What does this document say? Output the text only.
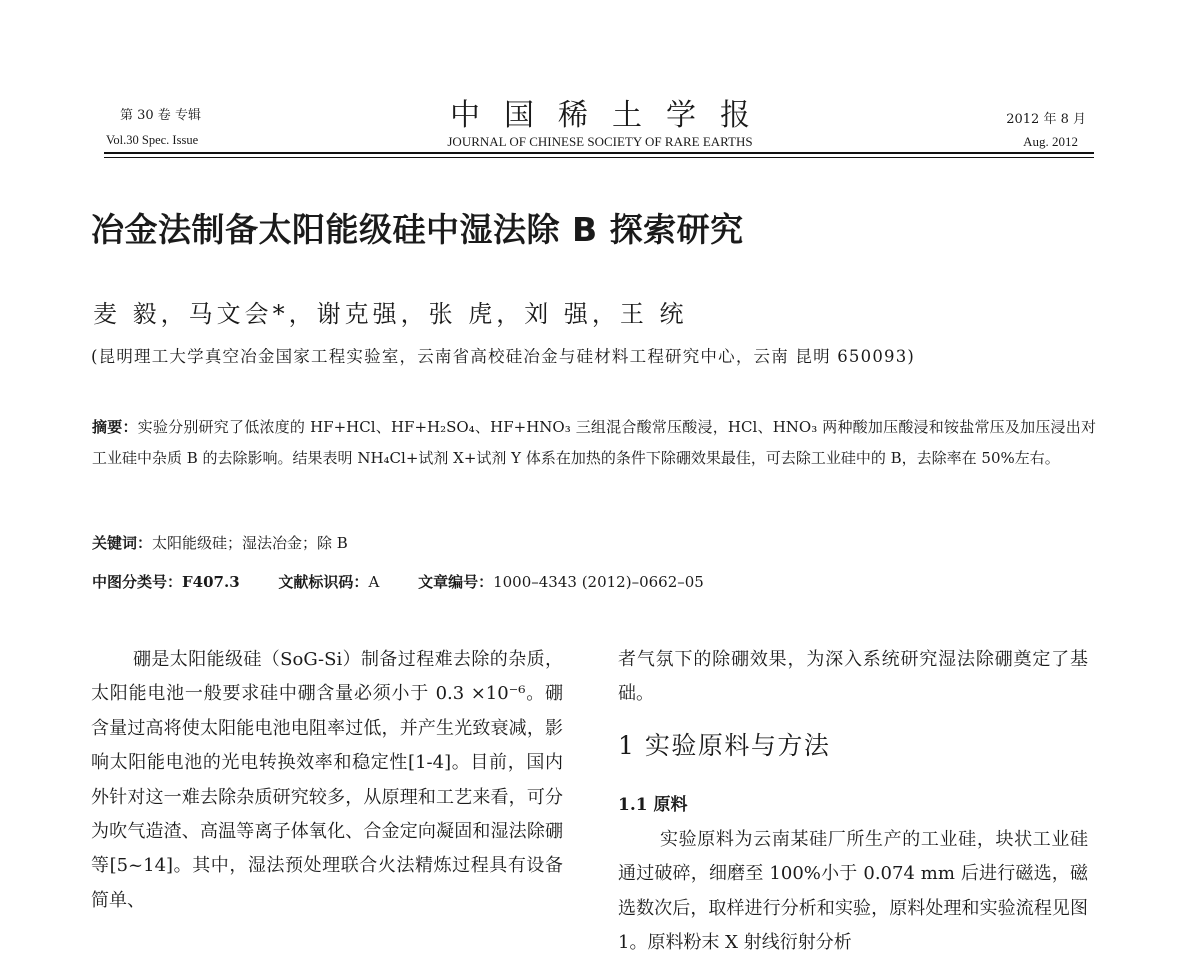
第 30 卷 专辑
Vol.30 Spec. Issue
中国稀土学报
JOURNAL OF CHINESE SOCIETY OF RARE EARTHS
2012 年 8 月
Aug. 2012
冶金法制备太阳能级硅中湿法除 B 探索研究
麦 毅，马文会*，谢克强，张 虎，刘 强，王 统
(昆明理工大学真空冶金国家工程实验室，云南省高校硅冶金与硅材料工程研究中心，云南 昆明 650093)
摘要：实验分别研究了低浓度的 HF+HCl、HF+H₂SO₄、HF+HNO₃ 三组混合酸常压酸浸，HCl、HNO₃ 两种酸加压酸浸和铵盐常压及加压浸出对工业硅中杂质 B 的去除影响。结果表明 NH₄Cl+试剂 X+试剂 Y 体系在加热的条件下除硼效果最佳，可去除工业硅中的 B，去除率在 50%左右。
关键词：太阳能级硅；湿法冶金；除 B
中图分类号：F407.3	文献标识码：A	文章编号：1000–4343 (2012)–0662–05
硼是太阳能级硅（SoG-Si）制备过程难去除的杂质，太阳能电池一般要求硅中硼含量必须小于 0.3 ×10⁻⁶。硼含量过高将使太阳能电池电阻率过低，并产生光致衰减，影响太阳能电池的光电转换效率和稳定性[1-4]。目前，国内外针对这一难去除杂质研究较多，从原理和工艺来看，可分为吹气造渣、高温等离子体氧化、合金定向凝固和湿法除硼等[5~14]。其中，湿法预处理联合火法精炼过程具有设备简单、
者气氛下的除硼效果，为深入系统研究湿法除硼奠定了基础。
1 实验原料与方法
1.1 原料
实验原料为云南某硅厂所生产的工业硅，块状工业硅通过破碎，细磨至 100%小于 0.074 mm 后进行磁选，磁选数次后，取样进行分析和实验，原料处理和实验流程见图 1。原料粉末 X 射线衍射分析
